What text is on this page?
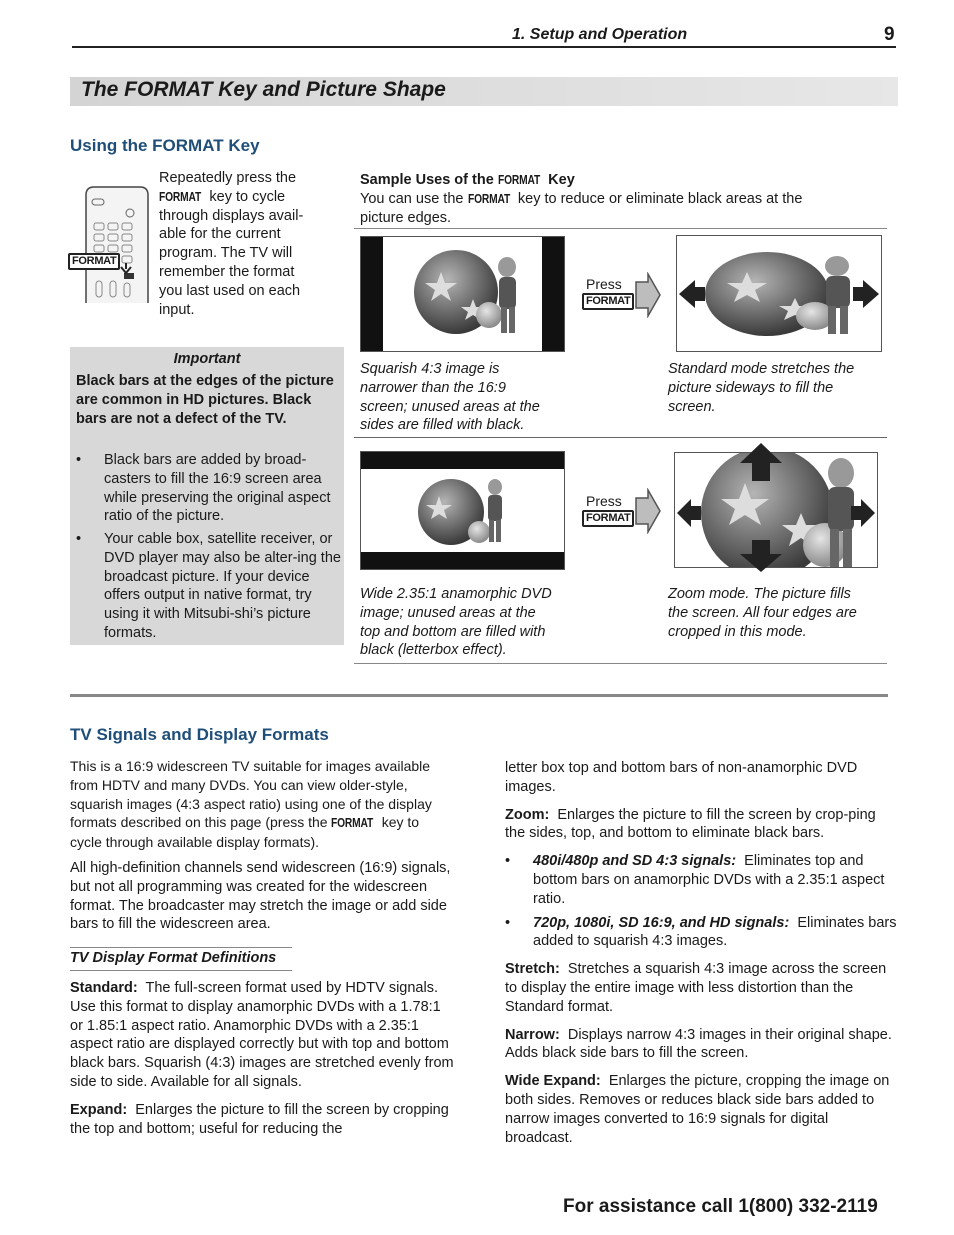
1. Setup and Operation	9
The FORMAT Key and Picture Shape
Using the FORMAT Key
FORMAT
Repeatedly press the
FORMAT key to cycle
through displays avail-
able for the current
program. The TV will
remember the format
you last used on each
input.
Important
Black bars at the edges of the picture are common in HD pictures. Black bars are not a defect of the TV.
• Black bars are added by broad-casters to fill the 16:9 screen area while preserving the original aspect ratio of the picture.
• Your cable box, satellite receiver, or DVD player may also be alter-ing the broadcast picture. If your device offers output in native format, try using it with Mitsubi-shi’s picture formats.
Sample Uses of the FORMAT Key
You can use the FORMAT key to reduce or eliminate black areas at the
picture edges.
Press
FORMAT
Squarish 4:3 image is
narrower than the 16:9
screen; unused areas at the
sides are filled with black.
Standard mode stretches the
picture sideways to fill the
screen.
Press
FORMAT
Wide 2.35:1 anamorphic DVD
image; unused areas at the
top and bottom are filled with
black (letterbox effect).
Zoom mode. The picture fills
the screen. All four edges are
cropped in this mode.
TV Signals and Display Formats
This is a 16:9 widescreen TV suitable for images available
from HDTV and many DVDs. You can view older-style,
squarish images (4:3 aspect ratio) using one of the display
formats described on this page (press the FORMAT key to
cycle through available display formats).

All high-definition channels send widescreen (16:9) signals, but not all programming was created for the widescreen format. The broadcaster may stretch the image or add side bars to fill the widescreen area.

TV Display Format Definitions

Standard: The full-screen format used by HDTV signals. Use this format to display anamorphic DVDs with a 1.78:1 or 1.85:1 aspect ratio. Anamorphic DVDs with a 2.35:1 aspect ratio are displayed correctly but with top and bottom black bars. Squarish (4:3) images are stretched evenly from side to side. Available for all signals.

Expand: Enlarges the picture to fill the screen by cropping the top and bottom; useful for reducing the

letter box top and bottom bars of non-anamorphic DVD images.

Zoom: Enlarges the picture to fill the screen by crop-ping the sides, top, and bottom to eliminate black bars.

• 480i/480p and SD 4:3 signals: Eliminates top and bottom bars on anamorphic DVDs with a 2.35:1 aspect ratio.
• 720p, 1080i, SD 16:9, and HD signals: Eliminates bars added to squarish 4:3 images.

Stretch: Stretches a squarish 4:3 image across the screen to display the entire image with less distortion than the Standard format.

Narrow: Displays narrow 4:3 images in their original shape. Adds black side bars to fill the screen.

Wide Expand: Enlarges the picture, cropping the image on both sides. Removes or reduces black side bars added to narrow images converted to 16:9 signals for digital broadcast.

For assistance call 1(800) 332-2119
